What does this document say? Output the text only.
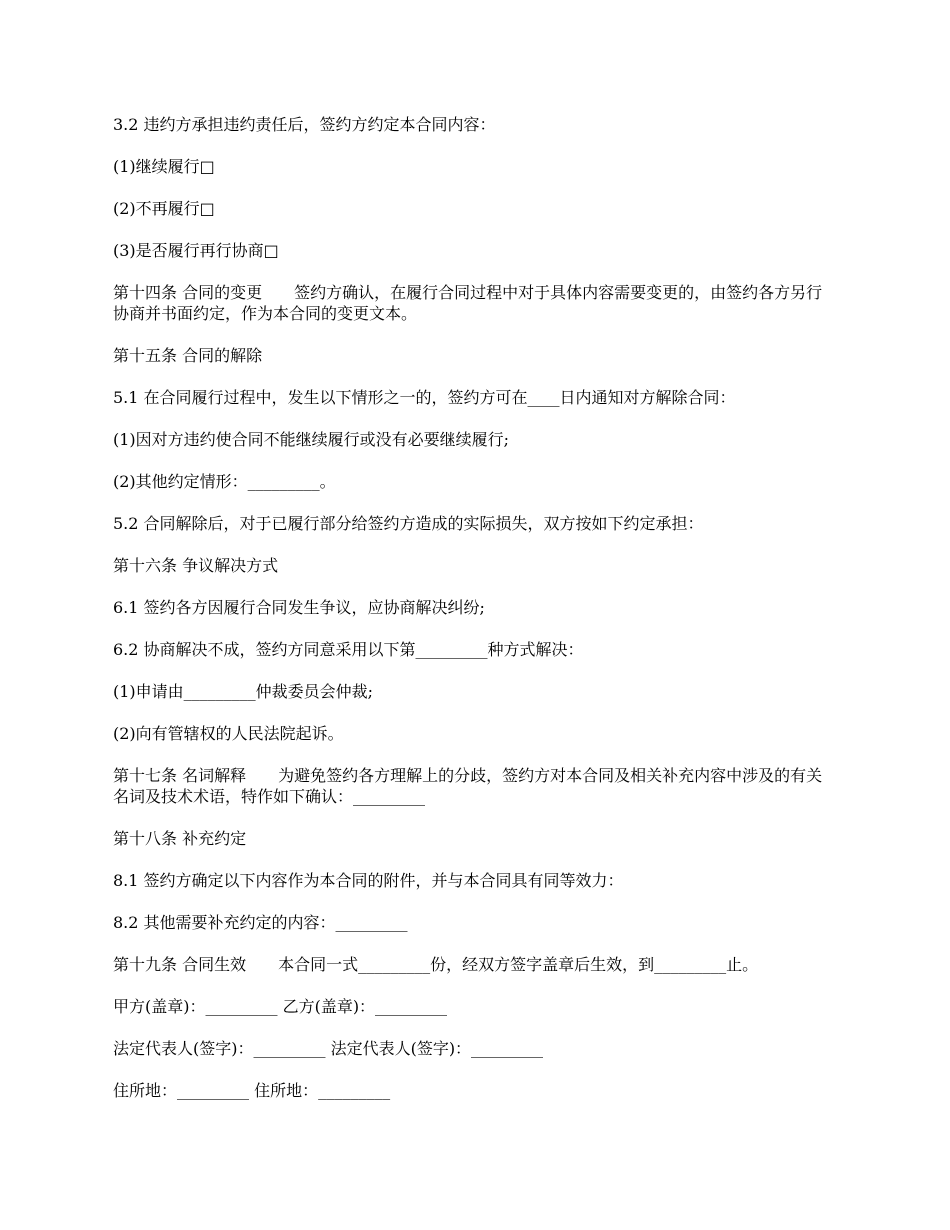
3.2 违约方承担违约责任后，签约方约定本合同内容：

(1)继续履行□

(2)不再履行□

(3)是否履行再行协商□

第十四条 合同的变更　　签约方确认，在履行合同过程中对于具体内容需要变更的，由签约各方另行协商并书面约定，作为本合同的变更文本。

第十五条 合同的解除

5.1 在合同履行过程中，发生以下情形之一的，签约方可在____日内通知对方解除合同：

(1)因对方违约使合同不能继续履行或没有必要继续履行;

(2)其他约定情形：_________。

5.2 合同解除后，对于已履行部分给签约方造成的实际损失，双方按如下约定承担：

第十六条 争议解决方式

6.1 签约各方因履行合同发生争议，应协商解决纠纷;

6.2 协商解决不成，签约方同意采用以下第_________种方式解决：

(1)申请由_________仲裁委员会仲裁;

(2)向有管辖权的人民法院起诉。

第十七条 名词解释　　为避免签约各方理解上的分歧，签约方对本合同及相关补充内容中涉及的有关名词及技术术语，特作如下确认：_________

第十八条 补充约定

8.1 签约方确定以下内容作为本合同的附件，并与本合同具有同等效力：

8.2 其他需要补充约定的内容：_________

第十九条 合同生效　　本合同一式_________份，经双方签字盖章后生效，到_________止。

甲方(盖章)：_________ 乙方(盖章)：_________

法定代表人(签字)：_________ 法定代表人(签字)：_________

住所地：_________ 住所地：_________
